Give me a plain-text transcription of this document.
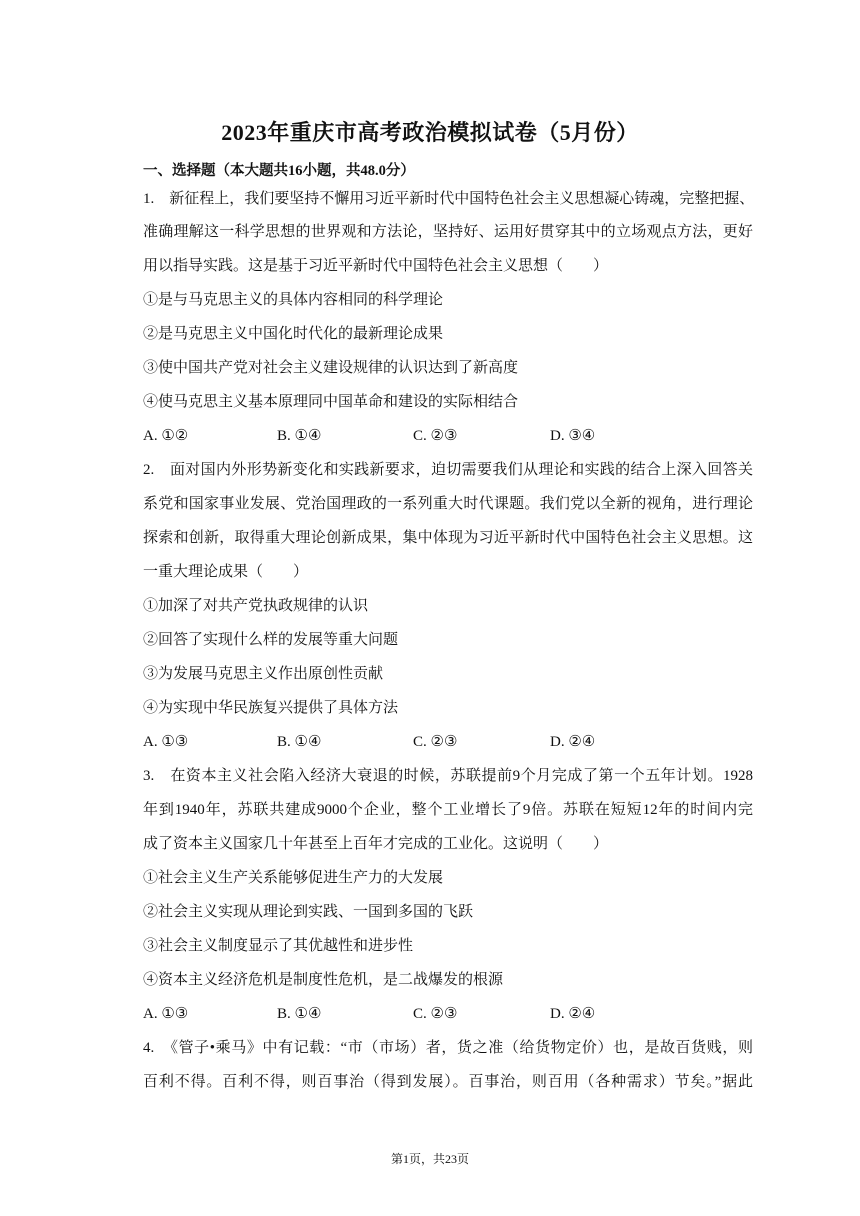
2023年重庆市高考政治模拟试卷（5月份）
一、选择题（本大题共16小题，共48.0分）
1.　新征程上，我们要坚持不懈用习近平新时代中国特色社会主义思想凝心铸魂，完整把握、
准确理解这一科学思想的世界观和方法论，坚持好、运用好贯穿其中的立场观点方法，更好
用以指导实践。这是基于习近平新时代中国特色社会主义思想（　　）
①是与马克思主义的具体内容相同的科学理论
②是马克思主义中国化时代化的最新理论成果
③使中国共产党对社会主义建设规律的认识达到了新高度
④使马克思主义基本原理同中国革命和建设的实际相结合
A. ①②	B. ①④	C. ②③	D. ③④
2.　面对国内外形势新变化和实践新要求，迫切需要我们从理论和实践的结合上深入回答关
系党和国家事业发展、党治国理政的一系列重大时代课题。我们党以全新的视角，进行理论
探索和创新，取得重大理论创新成果，集中体现为习近平新时代中国特色社会主义思想。这
一重大理论成果（　　）
①加深了对共产党执政规律的认识
②回答了实现什么样的发展等重大问题
③为发展马克思主义作出原创性贡献
④为实现中华民族复兴提供了具体方法
A. ①③	B. ①④	C. ②③	D. ②④
3.　在资本主义社会陷入经济大衰退的时候，苏联提前9个月完成了第一个五年计划。1928
年到1940年，苏联共建成9000个企业，整个工业增长了9倍。苏联在短短12年的时间内完
成了资本主义国家几十年甚至上百年才完成的工业化。这说明（　　）
①社会主义生产关系能够促进生产力的大发展
②社会主义实现从理论到实践、一国到多国的飞跃
③社会主义制度显示了其优越性和进步性
④资本主义经济危机是制度性危机，是二战爆发的根源
A. ①③	B. ①④	C. ②③	D. ②④
4.　《管子•乘马》中有记载：“市（市场）者，货之准（给货物定价）也，是故百货贱，则
百利不得。百利不得，则百事治（得到发展）。百事治，则百用（各种需求）节矣。”据此
第1页，共23页
